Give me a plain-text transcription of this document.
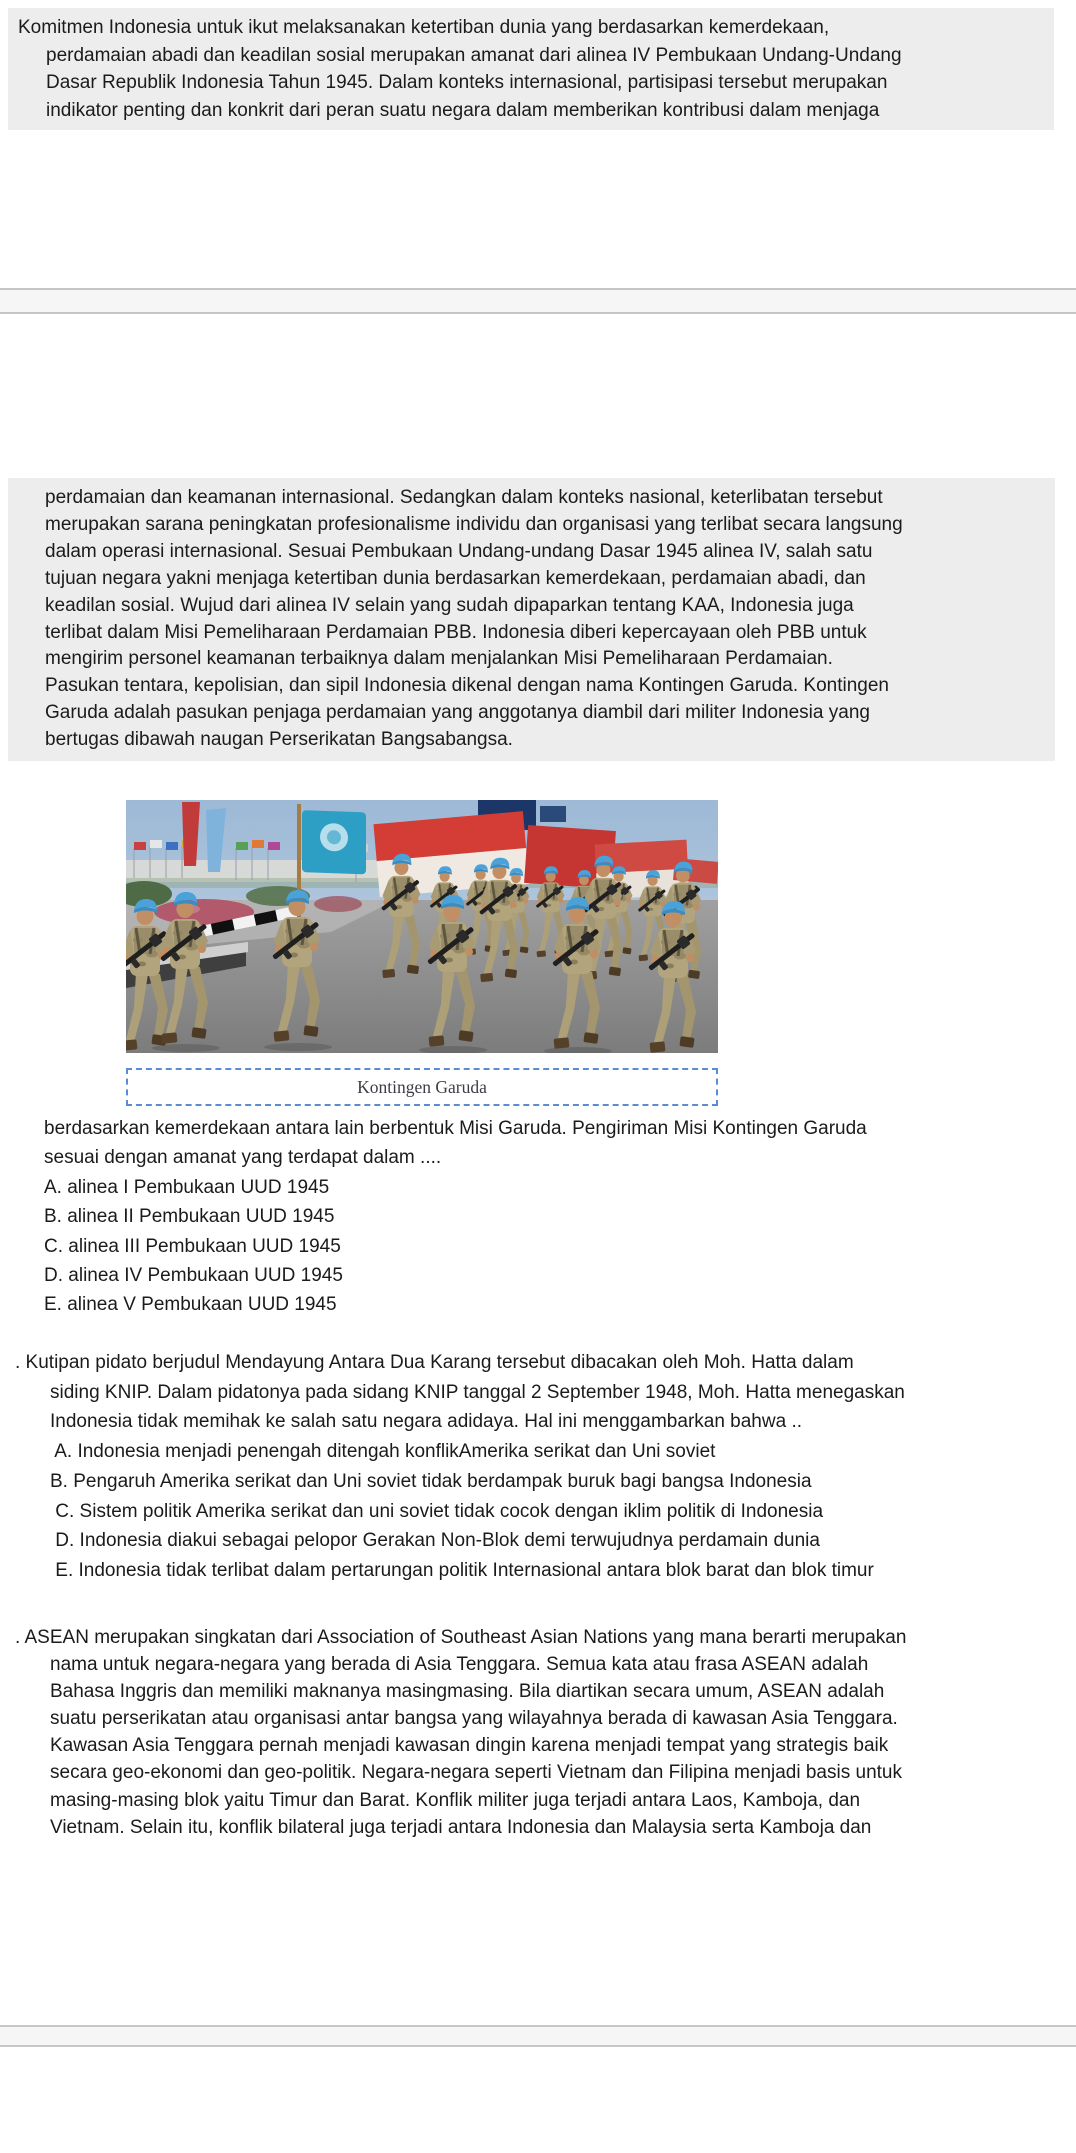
Komitmen Indonesia untuk ikut melaksanakan ketertiban dunia yang berdasarkan kemerdekaan,
perdamaian abadi dan keadilan sosial merupakan amanat dari alinea IV Pembukaan Undang-Undang
Dasar Republik Indonesia Tahun 1945. Dalam konteks internasional, partisipasi tersebut merupakan
indikator penting dan konkrit dari peran suatu negara dalam memberikan kontribusi dalam menjaga
perdamaian dan keamanan internasional. Sedangkan dalam konteks nasional, keterlibatan tersebut
merupakan sarana peningkatan profesionalisme individu dan organisasi yang terlibat secara langsung
dalam operasi internasional. Sesuai Pembukaan Undang-undang Dasar 1945 alinea IV, salah satu
tujuan negara yakni menjaga ketertiban dunia berdasarkan kemerdekaan, perdamaian abadi, dan
keadilan sosial. Wujud dari alinea IV selain yang sudah dipaparkan tentang KAA, Indonesia juga
terlibat dalam Misi Pemeliharaan Perdamaian PBB. Indonesia diberi kepercayaan oleh PBB untuk
mengirim personel keamanan terbaiknya dalam menjalankan Misi Pemeliharaan Perdamaian.
Pasukan tentara, kepolisian, dan sipil Indonesia dikenal dengan nama Kontingen Garuda. Kontingen
Garuda adalah pasukan penjaga perdamaian yang anggotanya diambil dari militer Indonesia yang
bertugas dibawah naugan Perserikatan Bangsabangsa.
Kontingen Garuda
berdasarkan kemerdekaan antara lain berbentuk Misi Garuda. Pengiriman Misi Kontingen Garuda
sesuai dengan amanat yang terdapat dalam ....
A. alinea I Pembukaan UUD 1945
B. alinea II Pembukaan UUD 1945
C. alinea III Pembukaan UUD 1945
D. alinea IV Pembukaan UUD 1945
E. alinea V Pembukaan UUD 1945
. Kutipan pidato berjudul Mendayung Antara Dua Karang tersebut dibacakan oleh Moh. Hatta dalam
siding KNIP. Dalam pidatonya pada sidang KNIP tanggal 2 September 1948, Moh. Hatta menegaskan
Indonesia tidak memihak ke salah satu negara adidaya. Hal ini menggambarkan bahwa ..
A. Indonesia menjadi penengah ditengah konflikAmerika serikat dan Uni soviet
B. Pengaruh Amerika serikat dan Uni soviet tidak berdampak buruk bagi bangsa Indonesia
C. Sistem politik Amerika serikat dan uni soviet tidak cocok dengan iklim politik di Indonesia
D. Indonesia diakui sebagai pelopor Gerakan Non-Blok demi terwujudnya perdamain dunia
E. Indonesia tidak terlibat dalam pertarungan politik Internasional antara blok barat dan blok timur
. ASEAN merupakan singkatan dari Association of Southeast Asian Nations yang mana berarti merupakan
nama untuk negara-negara yang berada di Asia Tenggara. Semua kata atau frasa ASEAN adalah
Bahasa Inggris dan memiliki maknanya masingmasing. Bila diartikan secara umum, ASEAN adalah
suatu perserikatan atau organisasi antar bangsa yang wilayahnya berada di kawasan Asia Tenggara.
Kawasan Asia Tenggara pernah menjadi kawasan dingin karena menjadi tempat yang strategis baik
secara geo-ekonomi dan geo-politik. Negara-negara seperti Vietnam dan Filipina menjadi basis untuk
masing-masing blok yaitu Timur dan Barat. Konflik militer juga terjadi antara Laos, Kamboja, dan
Vietnam. Selain itu, konflik bilateral juga terjadi antara Indonesia dan Malaysia serta Kamboja dan
